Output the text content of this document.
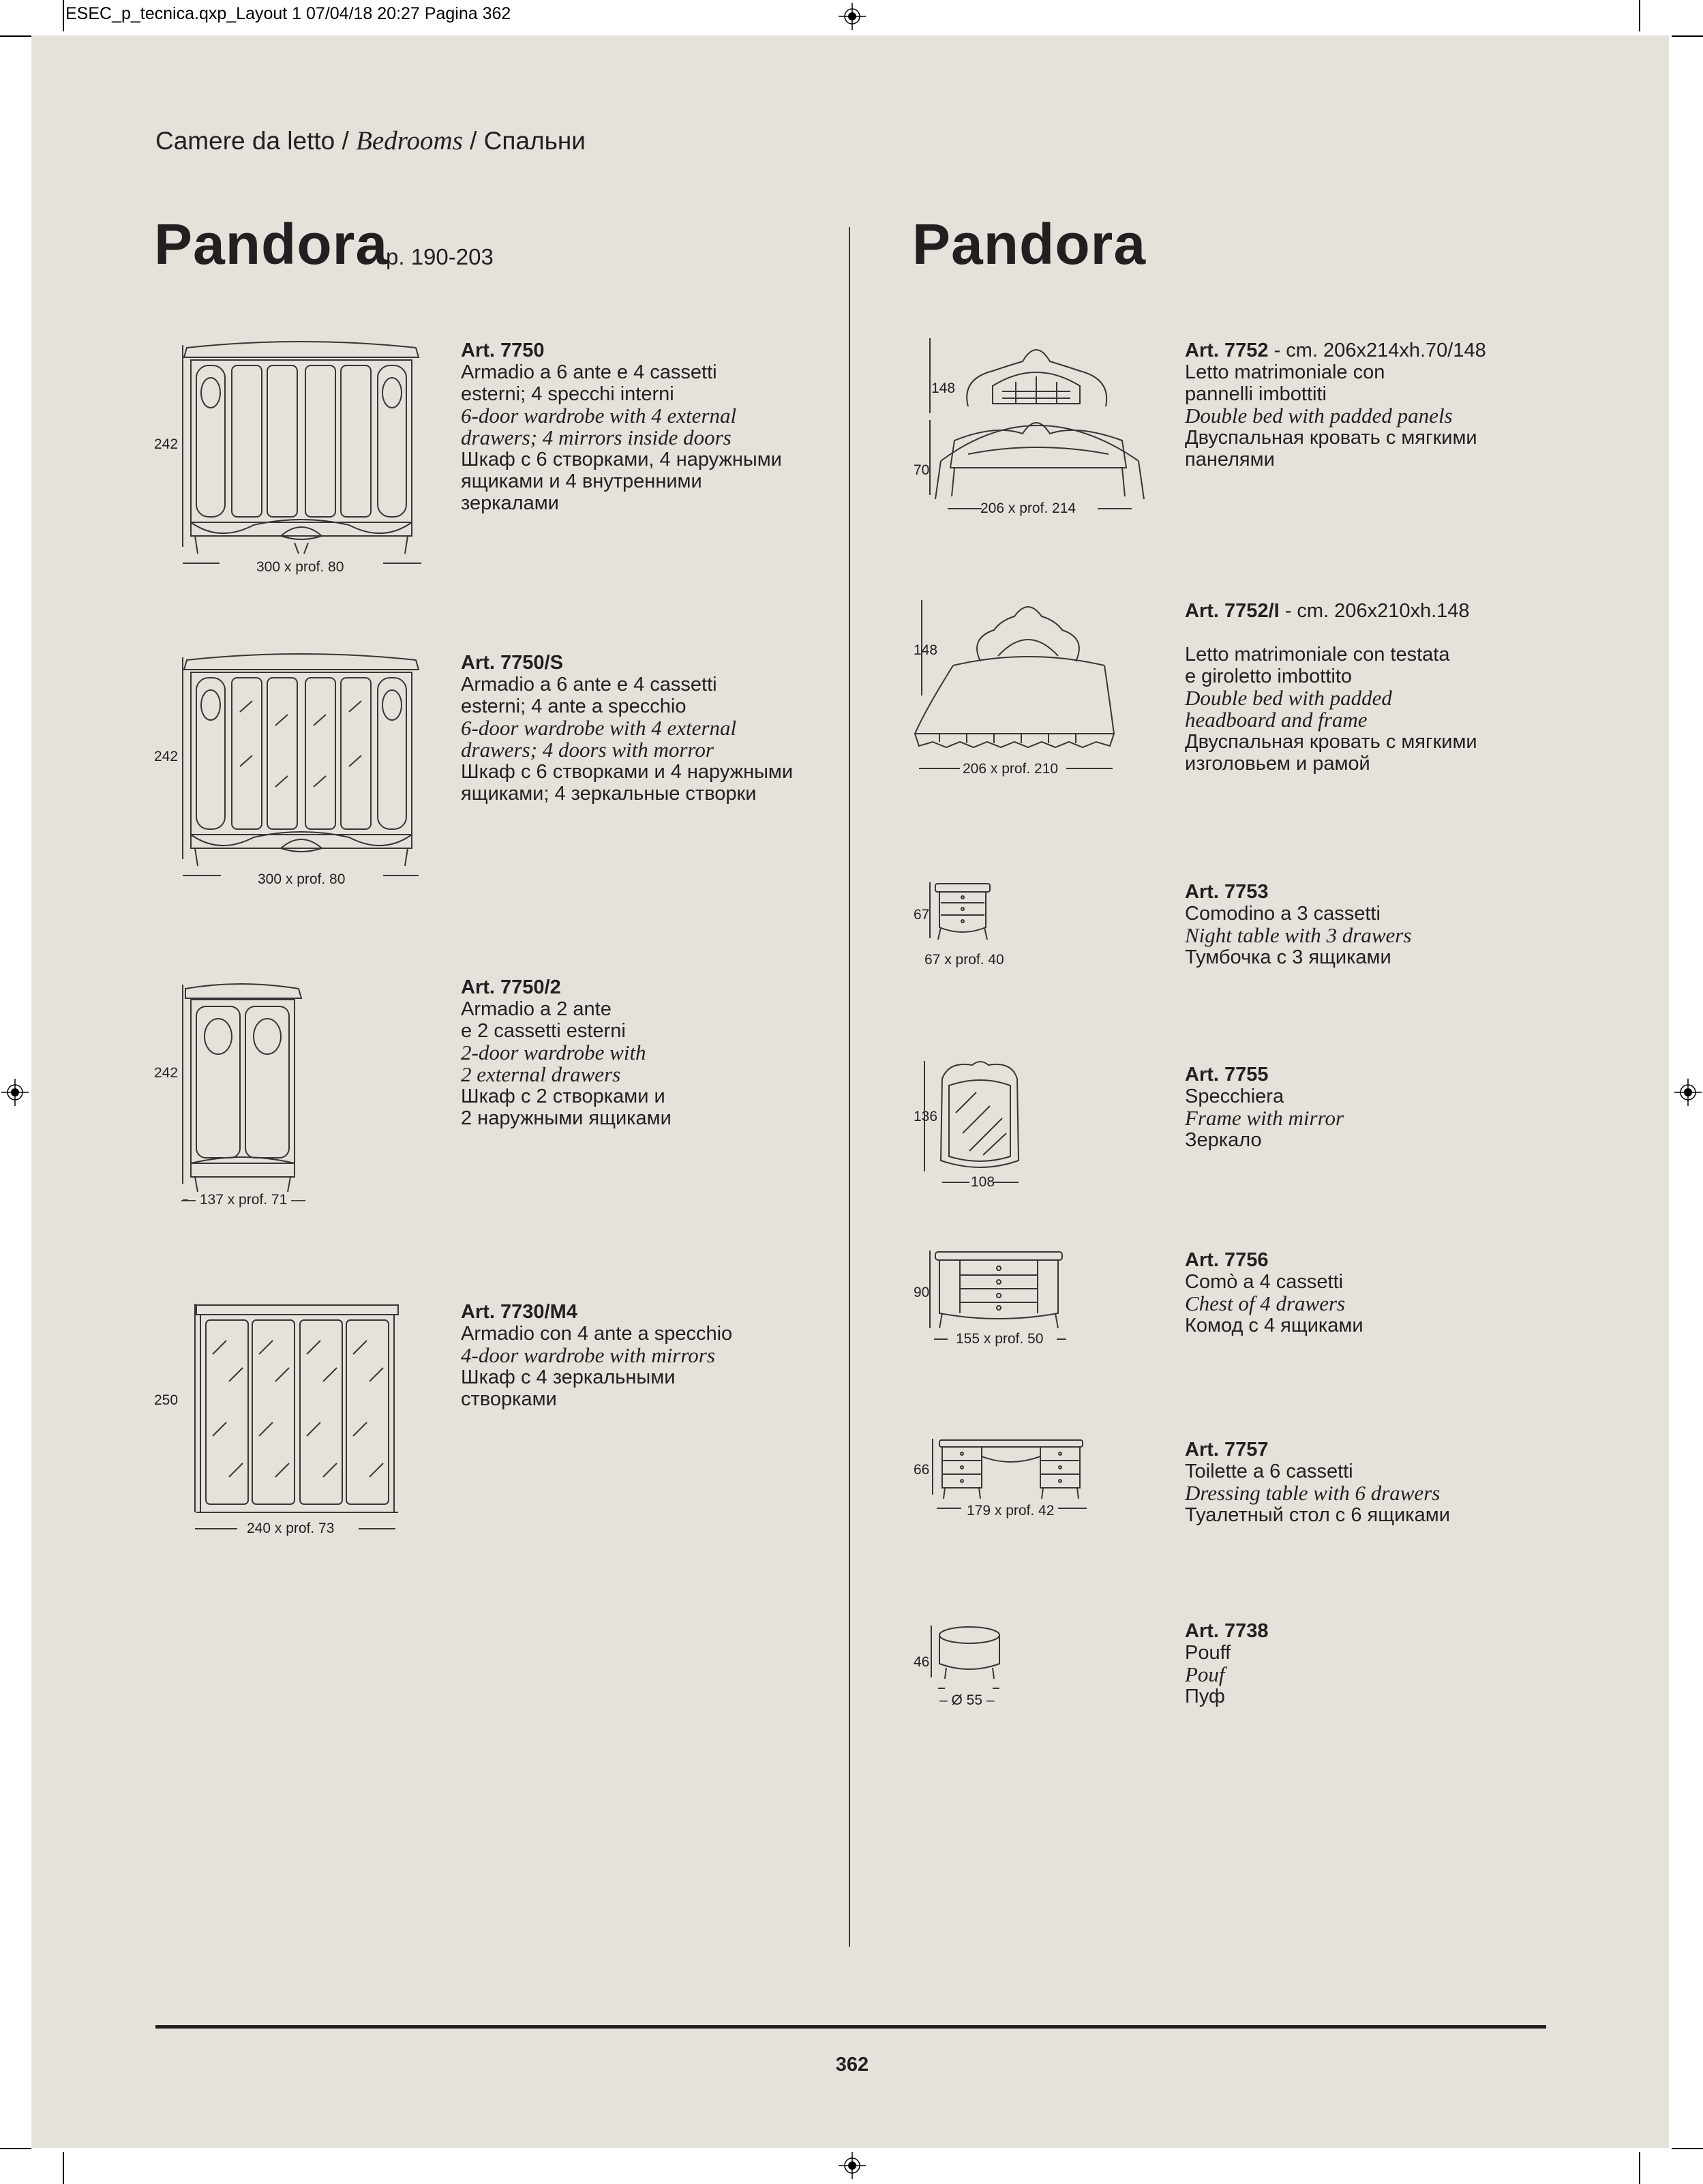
ESEC_p_tecnica.qxp_Layout 1 07/04/18 20:27 Pagina 362
Camere da letto / Bedrooms / Спальни
Pandora
p. 190-203	Pandora
242
300 x prof. 80
Art. 7750
Armadio a 6 ante e 4 cassetti
esterni; 4 specchi interni
6-door wardrobe with 4 external
drawers; 4 mirrors inside doors
Шкаф с 6 створками, 4 наружными
ящиками и 4 внутренними
зеркалами
242
300 x prof. 80
Art. 7750/S
Armadio a 6 ante e 4 cassetti
esterni; 4 ante a specchio
6-door wardrobe with 4 external
drawers; 4 doors with morror
Шкаф с 6 створками и 4 наружными
ящиками; 4 зеркальные створки
242
— 137 x prof. 71 —
Art. 7750/2
Armadio a 2 ante
e 2 cassetti esterni
2-door wardrobe with
2 external drawers
Шкаф с 2 створками и
2 наружными ящиками
250
240 x prof. 73
Art. 7730/M4
Armadio con 4 ante a specchio
4-door wardrobe with mirrors
Шкаф с 4 зеркальными
створками
148
70
206 x prof. 214
Art. 7752 - cm. 206x214xh.70/148
Letto matrimoniale con
pannelli imbottiti
Double bed with padded panels
Двуспальная кровать с мягкими
панелями
148
206 x prof. 210
Art. 7752/I - cm. 206x210xh.148

Letto matrimoniale con testata
e giroletto imbottito
Double bed with padded
headboard and frame
Двуспальная кровать с мягкими
изголовьем и рамой
67
67 x prof. 40
Art. 7753
Comodino a 3 cassetti
Night table with 3 drawers
Тумбочка с 3 ящиками
136
108
Art. 7755
Specchiera
Frame with mirror
Зеркало
90
155 x prof. 50
Art. 7756
Comò a 4 cassetti
Chest of 4 drawers
Комод с 4 ящиками
66
179 x prof. 42
Art. 7757
Toilette a 6 cassetti
Dressing table with 6 drawers
Туалетный стол с 6 ящиками
46
– Ø 55 –
Art. 7738
Pouff
Pouf
Пуф
362
